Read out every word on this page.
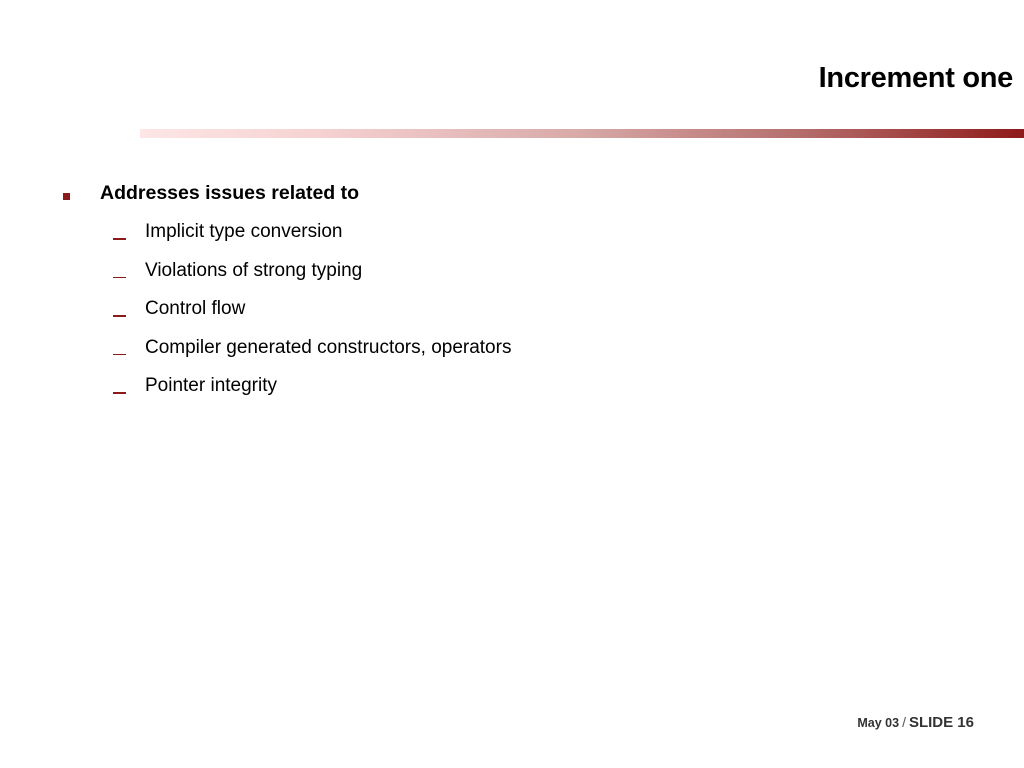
Increment one
Addresses issues related to
Implicit type conversion
Violations of strong typing
Control flow
Compiler generated constructors, operators
Pointer integrity
May 03 / SLIDE 16
